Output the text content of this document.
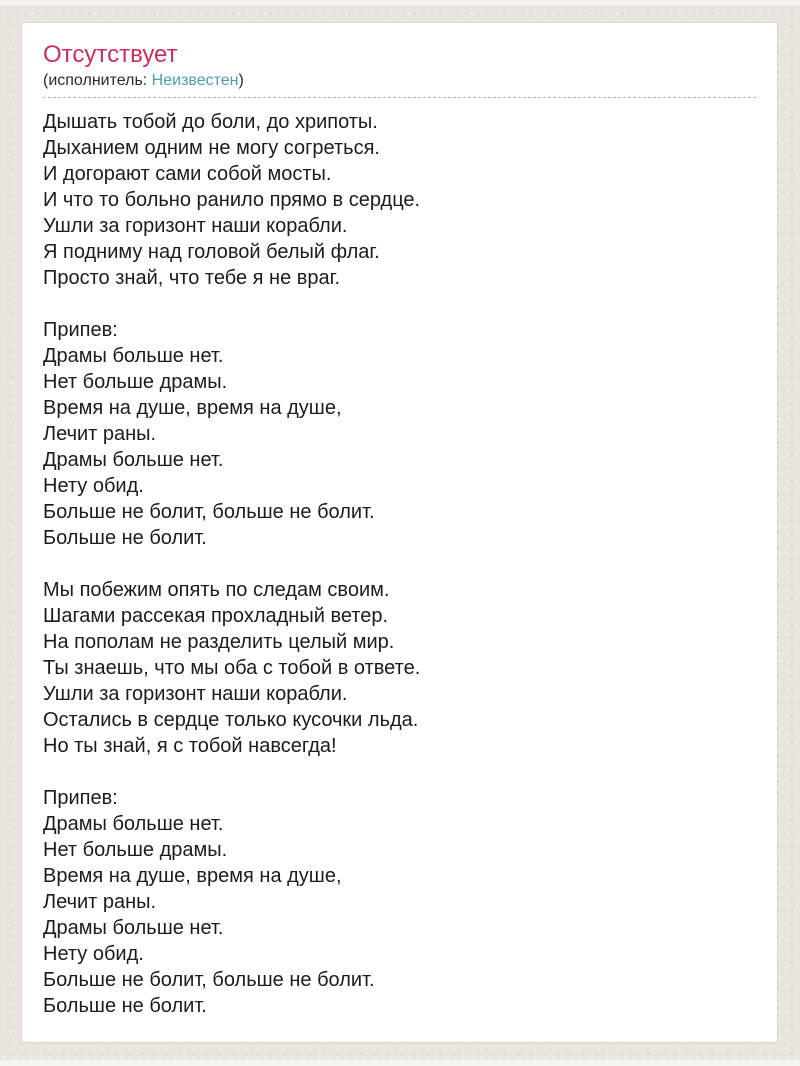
Отсутствует
(исполнитель: Неизвестен)
Дышать тобой до боли, до хрипоты.
Дыханием одним не могу согреться.
И догорают сами собой мосты.
И что то больно ранило прямо в сердце.
Ушли за горизонт наши корабли.
Я подниму над головой белый флаг.
Просто знай, что тебе я не враг.
Припев:
Драмы больше нет.
Нет больше драмы.
Время на душе, время на душе,
Лечит раны.
Драмы больше нет.
Нету обид.
Больше не болит, больше не болит.
Больше не болит.
Мы побежим опять по следам своим.
Шагами рассекая прохладный ветер.
На пополам не разделить целый мир.
Ты знаешь, что мы оба с тобой в ответе.
Ушли за горизонт наши корабли.
Остались в сердце только кусочки льда.
Но ты знай, я с тобой навсегда!
Припев:
Драмы больше нет.
Нет больше драмы.
Время на душе, время на душе,
Лечит раны.
Драмы больше нет.
Нету обид.
Больше не болит, больше не болит.
Больше не болит.
